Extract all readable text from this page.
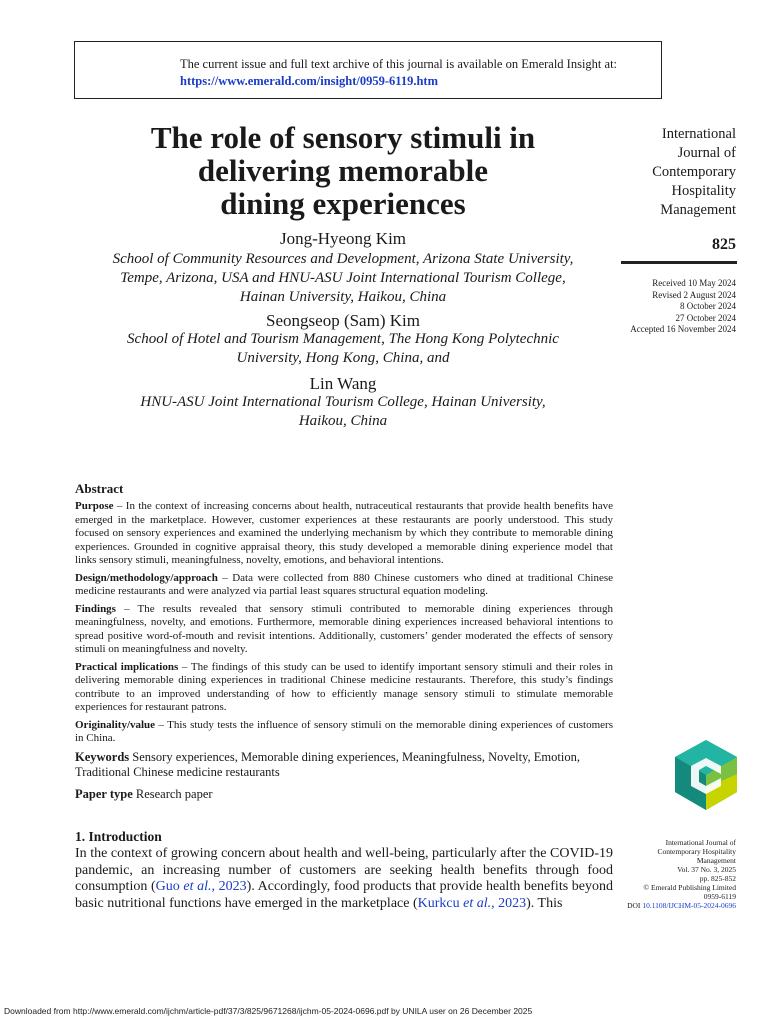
The current issue and full text archive of this journal is available on Emerald Insight at:
https://www.emerald.com/insight/0959-6119.htm
The role of sensory stimuli in
delivering memorable
dining experiences
Jong-Hyeong Kim
School of Community Resources and Development, Arizona State University,
Tempe, Arizona, USA and HNU-ASU Joint International Tourism College,
Hainan University, Haikou, China
Seongseop (Sam) Kim
School of Hotel and Tourism Management, The Hong Kong Polytechnic
University, Hong Kong, China, and
Lin Wang
HNU-ASU Joint International Tourism College, Hainan University,
Haikou, China
International
Journal of
Contemporary
Hospitality
Management
825
Received 10 May 2024
Revised 2 August 2024
8 October 2024
27 October 2024
Accepted 16 November 2024
Abstract

Purpose – In the context of increasing concerns about health, nutraceutical restaurants that provide health benefits have emerged in the marketplace. However, customer experiences at these restaurants are poorly understood. This study focused on sensory experiences and examined the underlying mechanism by which they contribute to memorable dining experiences. Grounded in cognitive appraisal theory, this study developed a memorable dining experience model that links sensory stimuli, meaningfulness, novelty, emotions, and behavioral intentions.

Design/methodology/approach – Data were collected from 880 Chinese customers who dined at traditional Chinese medicine restaurants and were analyzed via partial least squares structural equation modeling.

Findings – The results revealed that sensory stimuli contributed to memorable dining experiences through meaningfulness, novelty, and emotions. Furthermore, memorable dining experiences increased behavioral intentions to spread positive word-of-mouth and revisit intentions. Additionally, customers’ gender moderated the effects of sensory stimuli on meaningfulness and novelty.

Practical implications – The findings of this study can be used to identify important sensory stimuli and their roles in delivering memorable dining experiences in traditional Chinese medicine restaurants. Therefore, this study’s findings contribute to an improved understanding of how to efficiently manage sensory stimuli to stimulate memorable experiences for restaurant patrons.

Originality/value – This study tests the influence of sensory stimuli on the memorable dining experiences of customers in China.

Keywords Sensory experiences, Memorable dining experiences, Meaningfulness, Novelty, Emotion, Traditional Chinese medicine restaurants
Paper type Research paper
1. Introduction
In the context of growing concern about health and well-being, particularly after the COVID-19 pandemic, an increasing number of customers are seeking health benefits through food consumption (Guo et al., 2023). Accordingly, food products that provide health benefits beyond basic nutritional functions have emerged in the marketplace (Kurkcu et al., 2023). This
International Journal of
Contemporary Hospitality
Management
Vol. 37 No. 3, 2025
pp. 825-852
© Emerald Publishing Limited
0959-6119
DOI 10.1108/IJCHM-05-2024-0696
Downloaded from http://www.emerald.com/ijchm/article-pdf/37/3/825/9671268/ijchm-05-2024-0696.pdf by UNILA user on 26 December 2025
